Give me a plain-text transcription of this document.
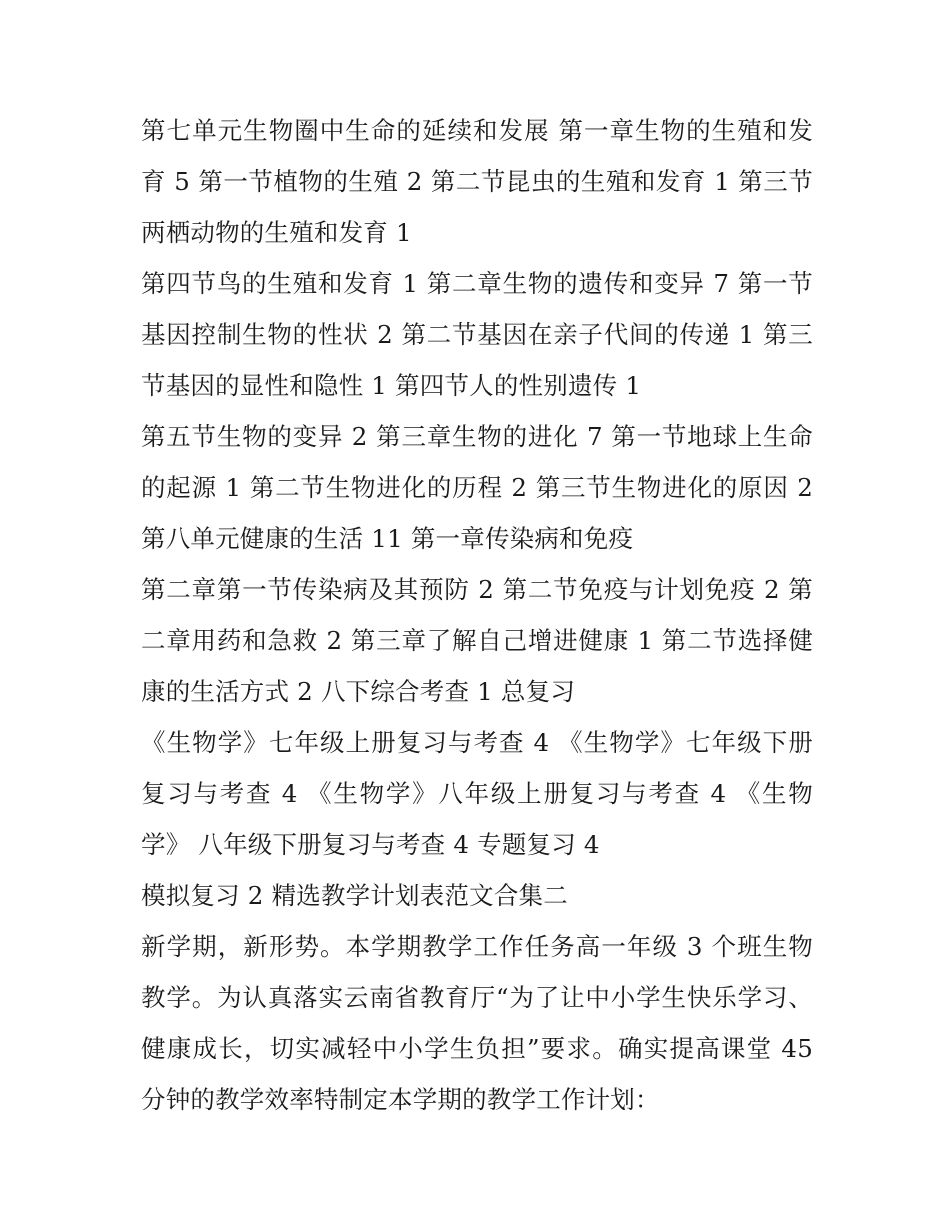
第七单元生物圈中生命的延续和发展 第一章生物的生殖和发育 5 第一节植物的生殖 2 第二节昆虫的生殖和发育 1 第三节两栖动物的生殖和发育 1

第四节鸟的生殖和发育 1 第二章生物的遗传和变异 7 第一节基因控制生物的性状 2 第二节基因在亲子代间的传递 1 第三节基因的显性和隐性 1 第四节人的性别遗传 1

第五节生物的变异 2 第三章生物的进化 7 第一节地球上生命的起源 1 第二节生物进化的历程 2 第三节生物进化的原因 2 第八单元健康的生活 11 第一章传染病和免疫

第二章第一节传染病及其预防 2 第二节免疫与计划免疫 2 第二章用药和急救 2 第三章了解自己增进健康 1 第二节选择健康的生活方式 2 八下综合考查 1 总复习

《生物学》七年级上册复习与考查 4 《生物学》七年级下册复习与考查 4 《生物学》八年级上册复习与考查 4 《生物学》 八年级下册复习与考查 4 专题复习 4

模拟复习 2 精选教学计划表范文合集二

新学期，新形势。本学期教学工作任务高一年级 3 个班生物教学。为认真落实云南省教育厅“为了让中小学生快乐学习、健康成长，切实减轻中小学生负担”要求。确实提高课堂 45 分钟的教学效率特制定本学期的教学工作计划：
